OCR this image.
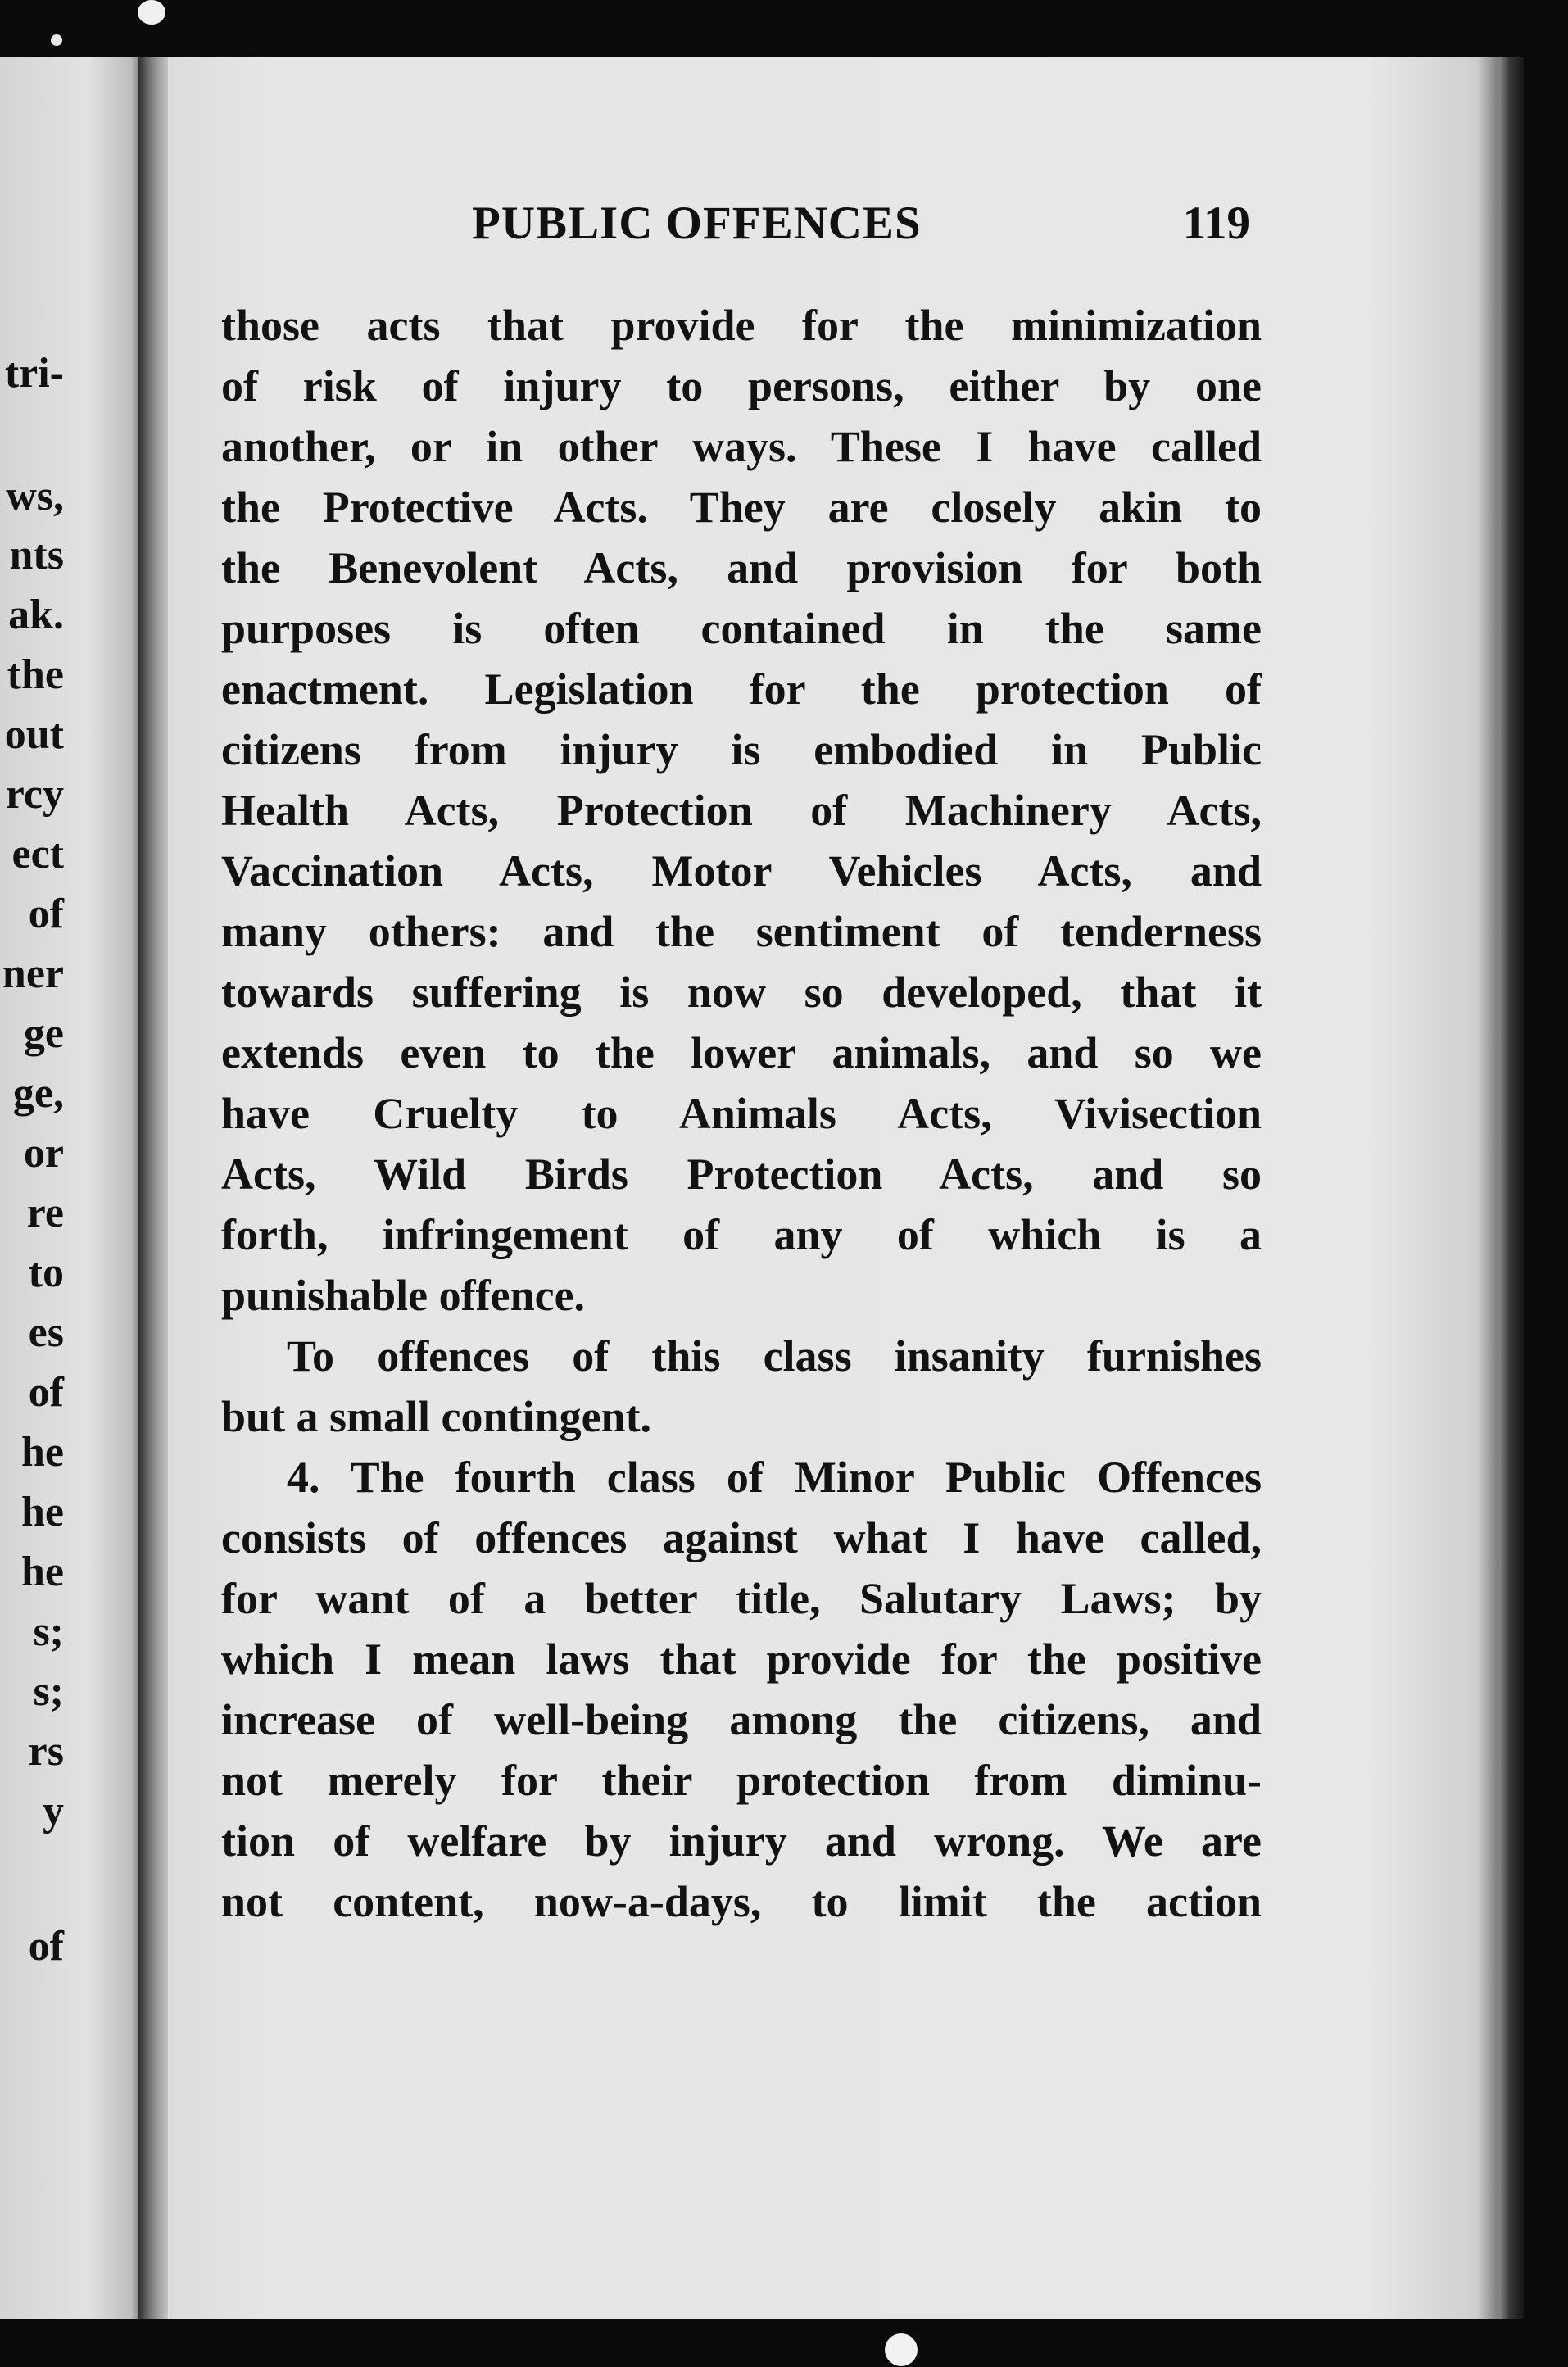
tri-
ws,
nts
ak.
the
out
rcy
ect
of
ner
ge
ge,
or
re
to
es
of
he
he
he
s;
s;
rs
y
of
PUBLIC OFFENCES	119
those acts that provide for the minimization
of risk of injury to persons, either by one
another, or in other ways. These I have called
the Protective Acts. They are closely akin to
the Benevolent Acts, and provision for both
purposes is often contained in the same
enactment. Legislation for the protection of
citizens from injury is embodied in Public
Health Acts, Protection of Machinery Acts,
Vaccination Acts, Motor Vehicles Acts, and
many others: and the sentiment of tenderness
towards suffering is now so developed, that it
extends even to the lower animals, and so we
have Cruelty to Animals Acts, Vivisection
Acts, Wild Birds Protection Acts, and so
forth, infringement of any of which is a
punishable offence.
To offences of this class insanity furnishes
but a small contingent.
4. The fourth class of Minor Public Offences
consists of offences against what I have called,
for want of a better title, Salutary Laws; by
which I mean laws that provide for the positive
increase of well-being among the citizens, and
not merely for their protection from diminu-
tion of welfare by injury and wrong. We are
not content, now-a-days, to limit the action
